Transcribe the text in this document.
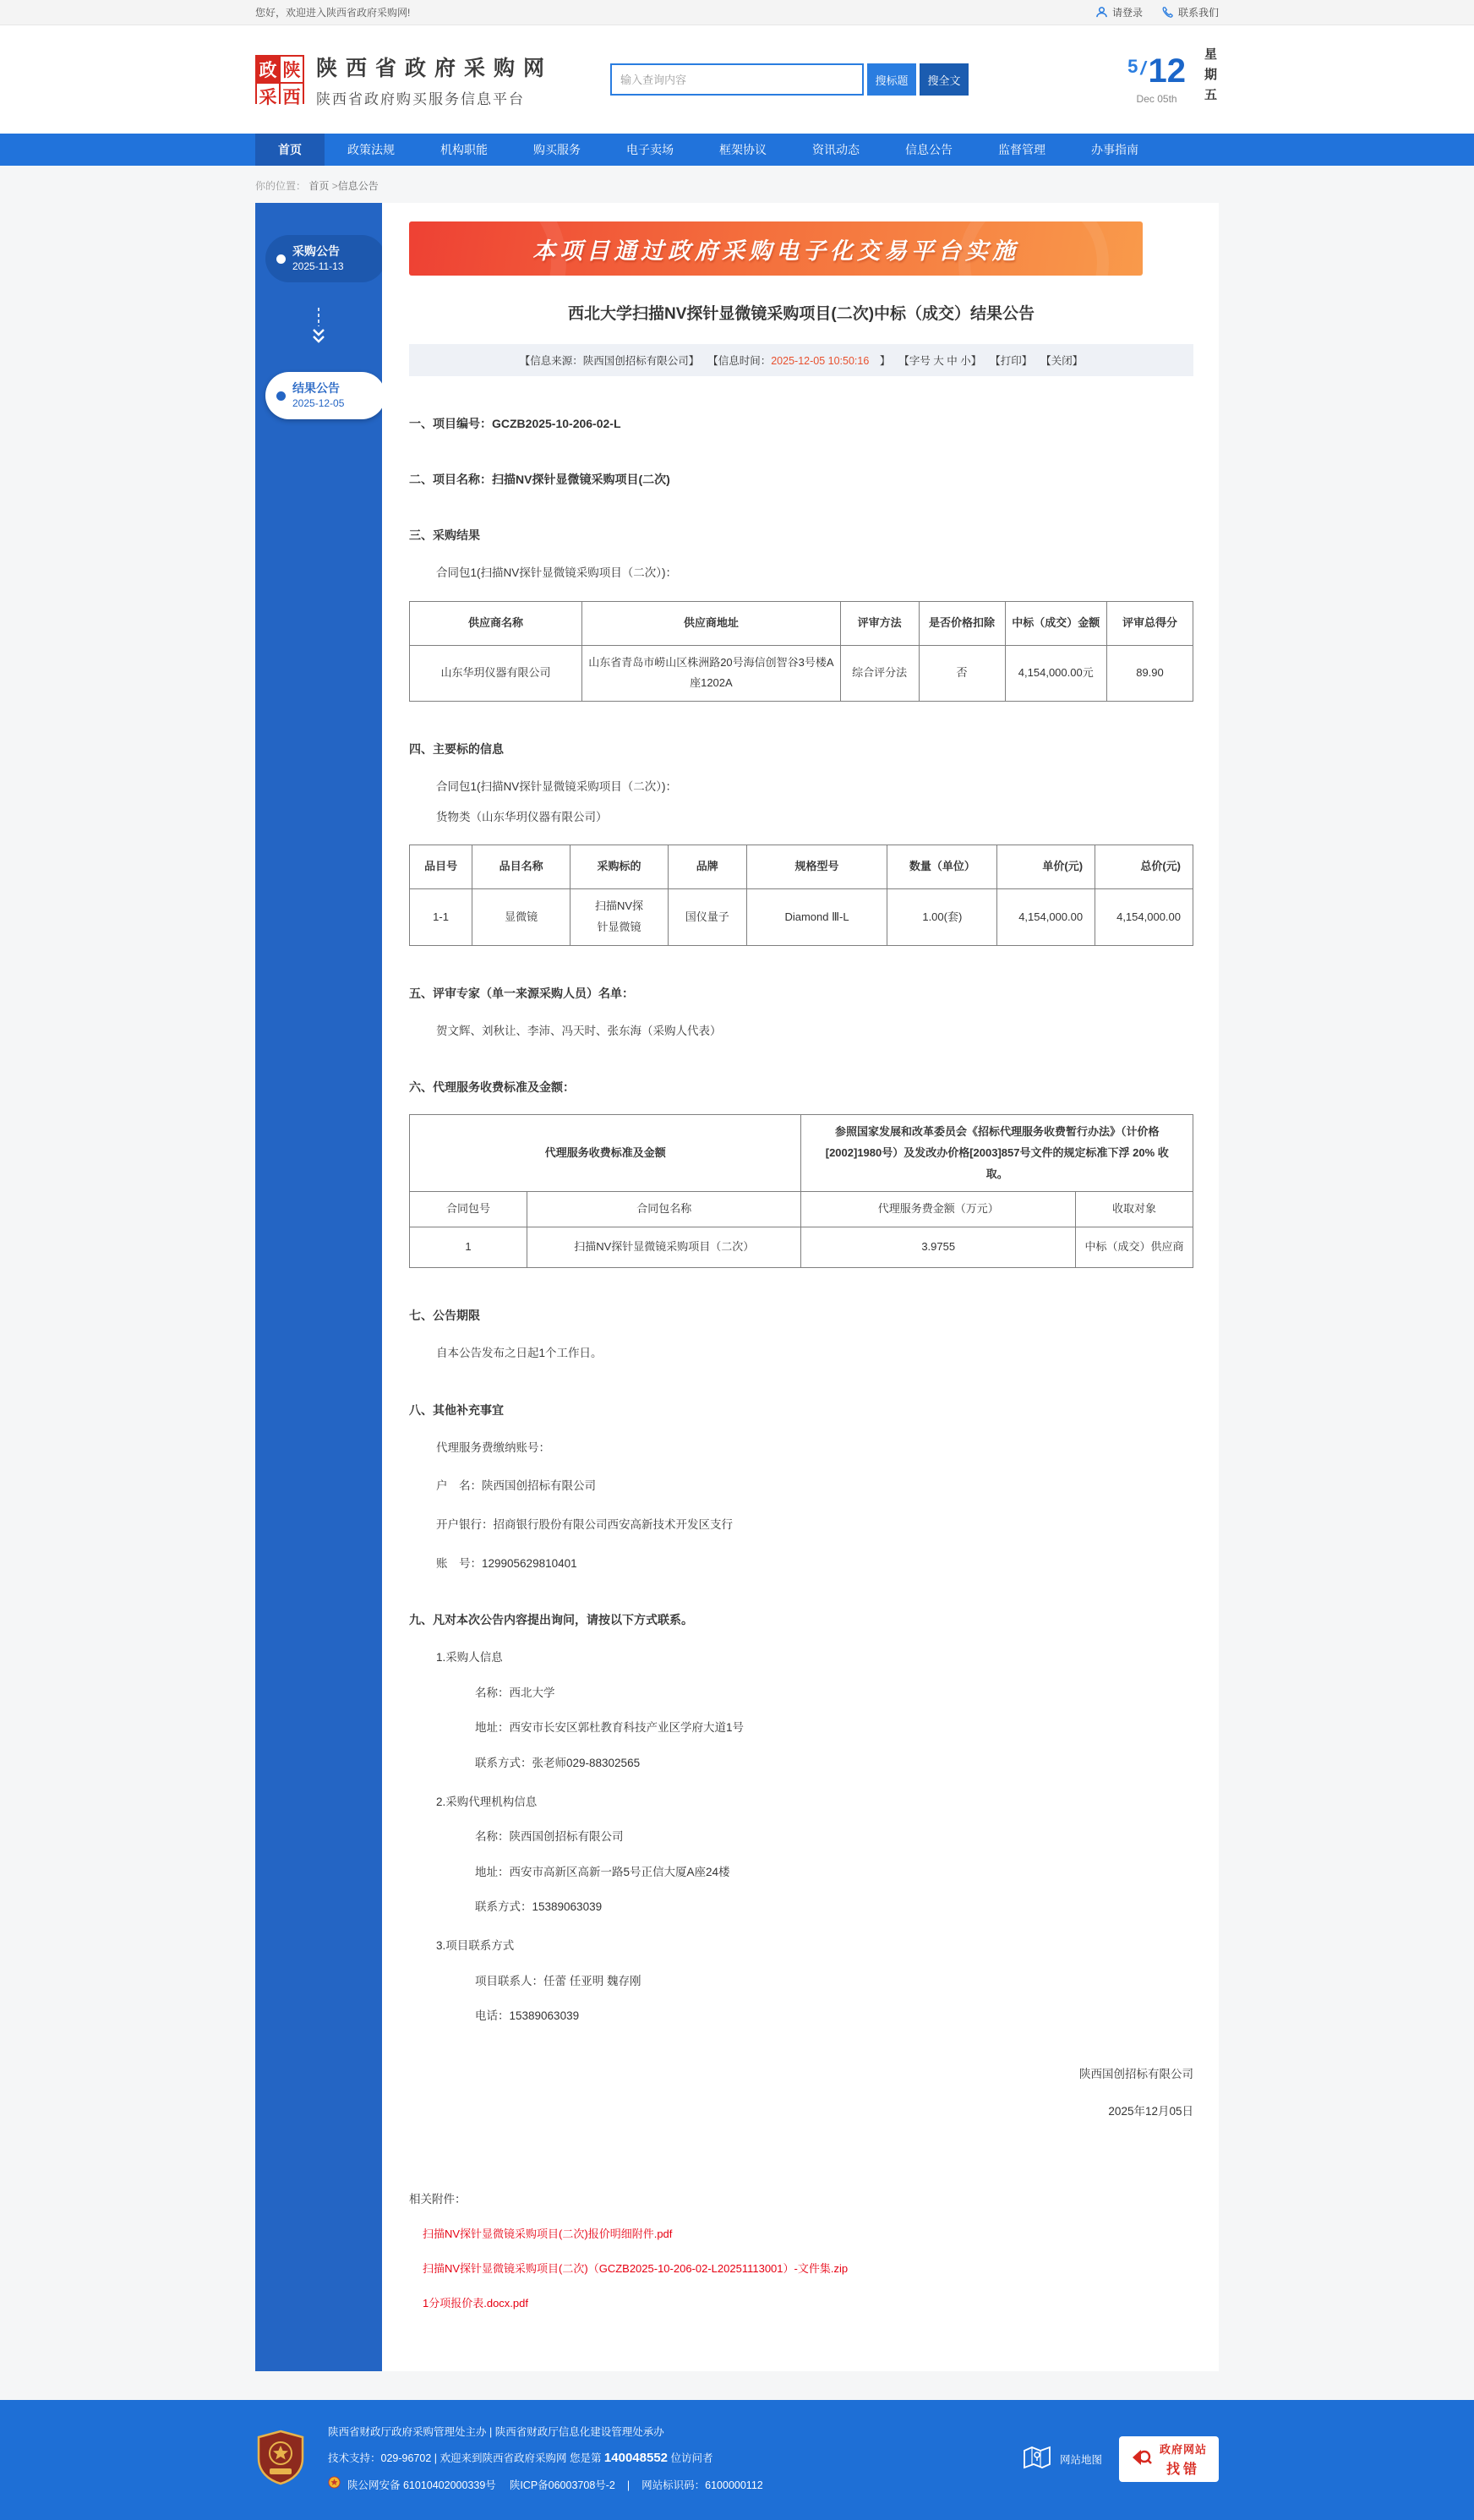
您好，欢迎进入陕西省政府采购网!	请登录	联系我们
政 陕
采 西
陕西省政府采购网
陕西省政府购买服务信息平台
输入查询内容
搜标题	搜全文
5 / 12
Dec 05th	星期五
首页	政策法规	机构职能	购买服务	电子卖场	框架协议	资讯动态	信息公告	监督管理	办事指南
你的位置： 首页 >信息公告
采购公告
2025-11-13
结果公告
2025-12-05
本项目通过政府采购电子化交易平台实施
西北大学扫描NV探针显微镜采购项目(二次)中标（成交）结果公告
【信息来源：陕西国创招标有限公司】 【信息时间：2025-12-05 10:50:16　】 【字号 大 中 小】 【打印】 【关闭】
一、项目编号：GCZB2025-10-206-02-L
二、项目名称：扫描NV探针显微镜采购项目(二次)
三、采购结果
合同包1(扫描NV探针显微镜采购项目（二次）)：
供应商名称	供应商地址	评审方法	是否价格扣除	中标（成交）金额	评审总得分
山东华玥仪器有限公司	山东省青岛市崂山区株洲路20号海信创智谷3号楼A座1202A	综合评分法	否	4,154,000.00元	89.90
四、主要标的信息
合同包1(扫描NV探针显微镜采购项目（二次）)：
货物类（山东华玥仪器有限公司）
品目号	品目名称	采购标的	品牌	规格型号	数量（单位）	单价(元)	总价(元)
1-1	显微镜	扫描NV探针显微镜	国仪量子	Diamond Ⅲ-L	1.00(套)	4,154,000.00	4,154,000.00
五、评审专家（单一来源采购人员）名单：
贺文辉、刘秋让、李沛、冯天时、张东海（采购人代表）
六、代理服务收费标准及金额：
代理服务收费标准及金额		参照国家发展和改革委员会《招标代理服务收费暂行办法》（计价格[2002]1980号）及发改办价格[2003]857号文件的规定标准下浮 20% 收取。	
合同包号	合同包名称	代理服务费金额（万元）	收取对象
1	扫描NV探针显微镜采购项目（二次）	3.9755	中标（成交）供应商
七、公告期限
自本公告发布之日起1个工作日。
八、其他补充事宜
代理服务费缴纳账号：
户　名：陕西国创招标有限公司
开户银行：招商银行股份有限公司西安高新技术开发区支行
账　号：129905629810401
九、凡对本次公告内容提出询问，请按以下方式联系。
1.采购人信息
名称：西北大学
地址：西安市长安区郭杜教育科技产业区学府大道1号
联系方式：张老师029-88302565
2.采购代理机构信息
名称：陕西国创招标有限公司
地址：西安市高新区高新一路5号正信大厦A座24楼
联系方式：15389063039
3.项目联系方式
项目联系人：任蕾 任亚明 魏存刚
电话：15389063039
陕西国创招标有限公司
2025年12月05日
相关附件：
扫描NV探针显微镜采购项目(二次)报价明细附件.pdf
扫描NV探针显微镜采购项目(二次)（GCZB2025-10-206-02-L20251113001）-文件集.zip
1分项报价表.docx.pdf
陕西省财政厅政府采购管理处主办 | 陕西省财政厅信息化建设管理处承办
技术支持：029-96702 | 欢迎来到陕西省政府采购网 您是第 140048552 位访问者
陕公网安备 61010402000339号 陕ICP备06003708号-2 | 网站标识码：6100000112
网站地图
政府网站
找错
